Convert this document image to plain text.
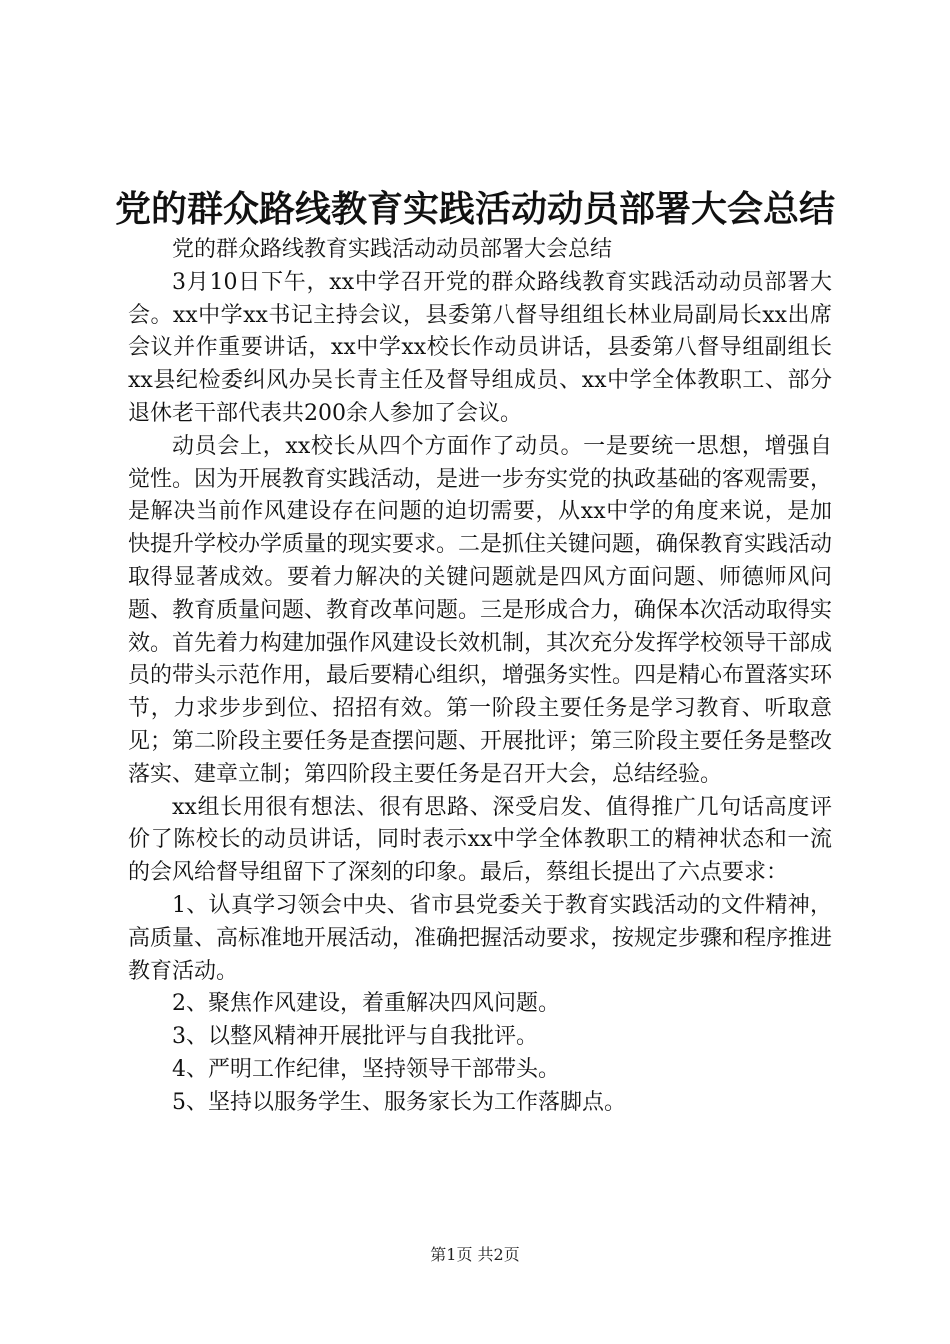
党的群众路线教育实践活动动员部署大会总结

党的群众路线教育实践活动动员部署大会总结

3月10日下午，xx中学召开党的群众路线教育实践活动动员部署大会。xx中学xx书记主持会议，县委第八督导组组长林业局副局长xx出席会议并作重要讲话，xx中学xx校长作动员讲话，县委第八督导组副组长xx县纪检委纠风办吴长青主任及督导组成员、xx中学全体教职工、部分退休老干部代表共200余人参加了会议。

动员会上，xx校长从四个方面作了动员。一是要统一思想，增强自觉性。因为开展教育实践活动，是进一步夯实党的执政基础的客观需要，是解决当前作风建设存在问题的迫切需要，从xx中学的角度来说，是加快提升学校办学质量的现实要求。二是抓住关键问题，确保教育实践活动取得显著成效。要着力解决的关键问题就是四风方面问题、师德师风问题、教育质量问题、教育改革问题。三是形成合力，确保本次活动取得实效。首先着力构建加强作风建设长效机制，其次充分发挥学校领导干部成员的带头示范作用，最后要精心组织，增强务实性。四是精心布置落实环节，力求步步到位、招招有效。第一阶段主要任务是学习教育、听取意见；第二阶段主要任务是查摆问题、开展批评；第三阶段主要任务是整改落实、建章立制；第四阶段主要任务是召开大会，总结经验。

xx组长用很有想法、很有思路、深受启发、值得推广几句话高度评价了陈校长的动员讲话，同时表示xx中学全体教职工的精神状态和一流的会风给督导组留下了深刻的印象。最后，蔡组长提出了六点要求：

1、认真学习领会中央、省市县党委关于教育实践活动的文件精神，高质量、高标准地开展活动，准确把握活动要求，按规定步骤和程序推进教育活动。

2、聚焦作风建设，着重解决四风问题。

3、以整风精神开展批评与自我批评。

4、严明工作纪律，坚持领导干部带头。

5、坚持以服务学生、服务家长为工作落脚点。

第1页 共2页
